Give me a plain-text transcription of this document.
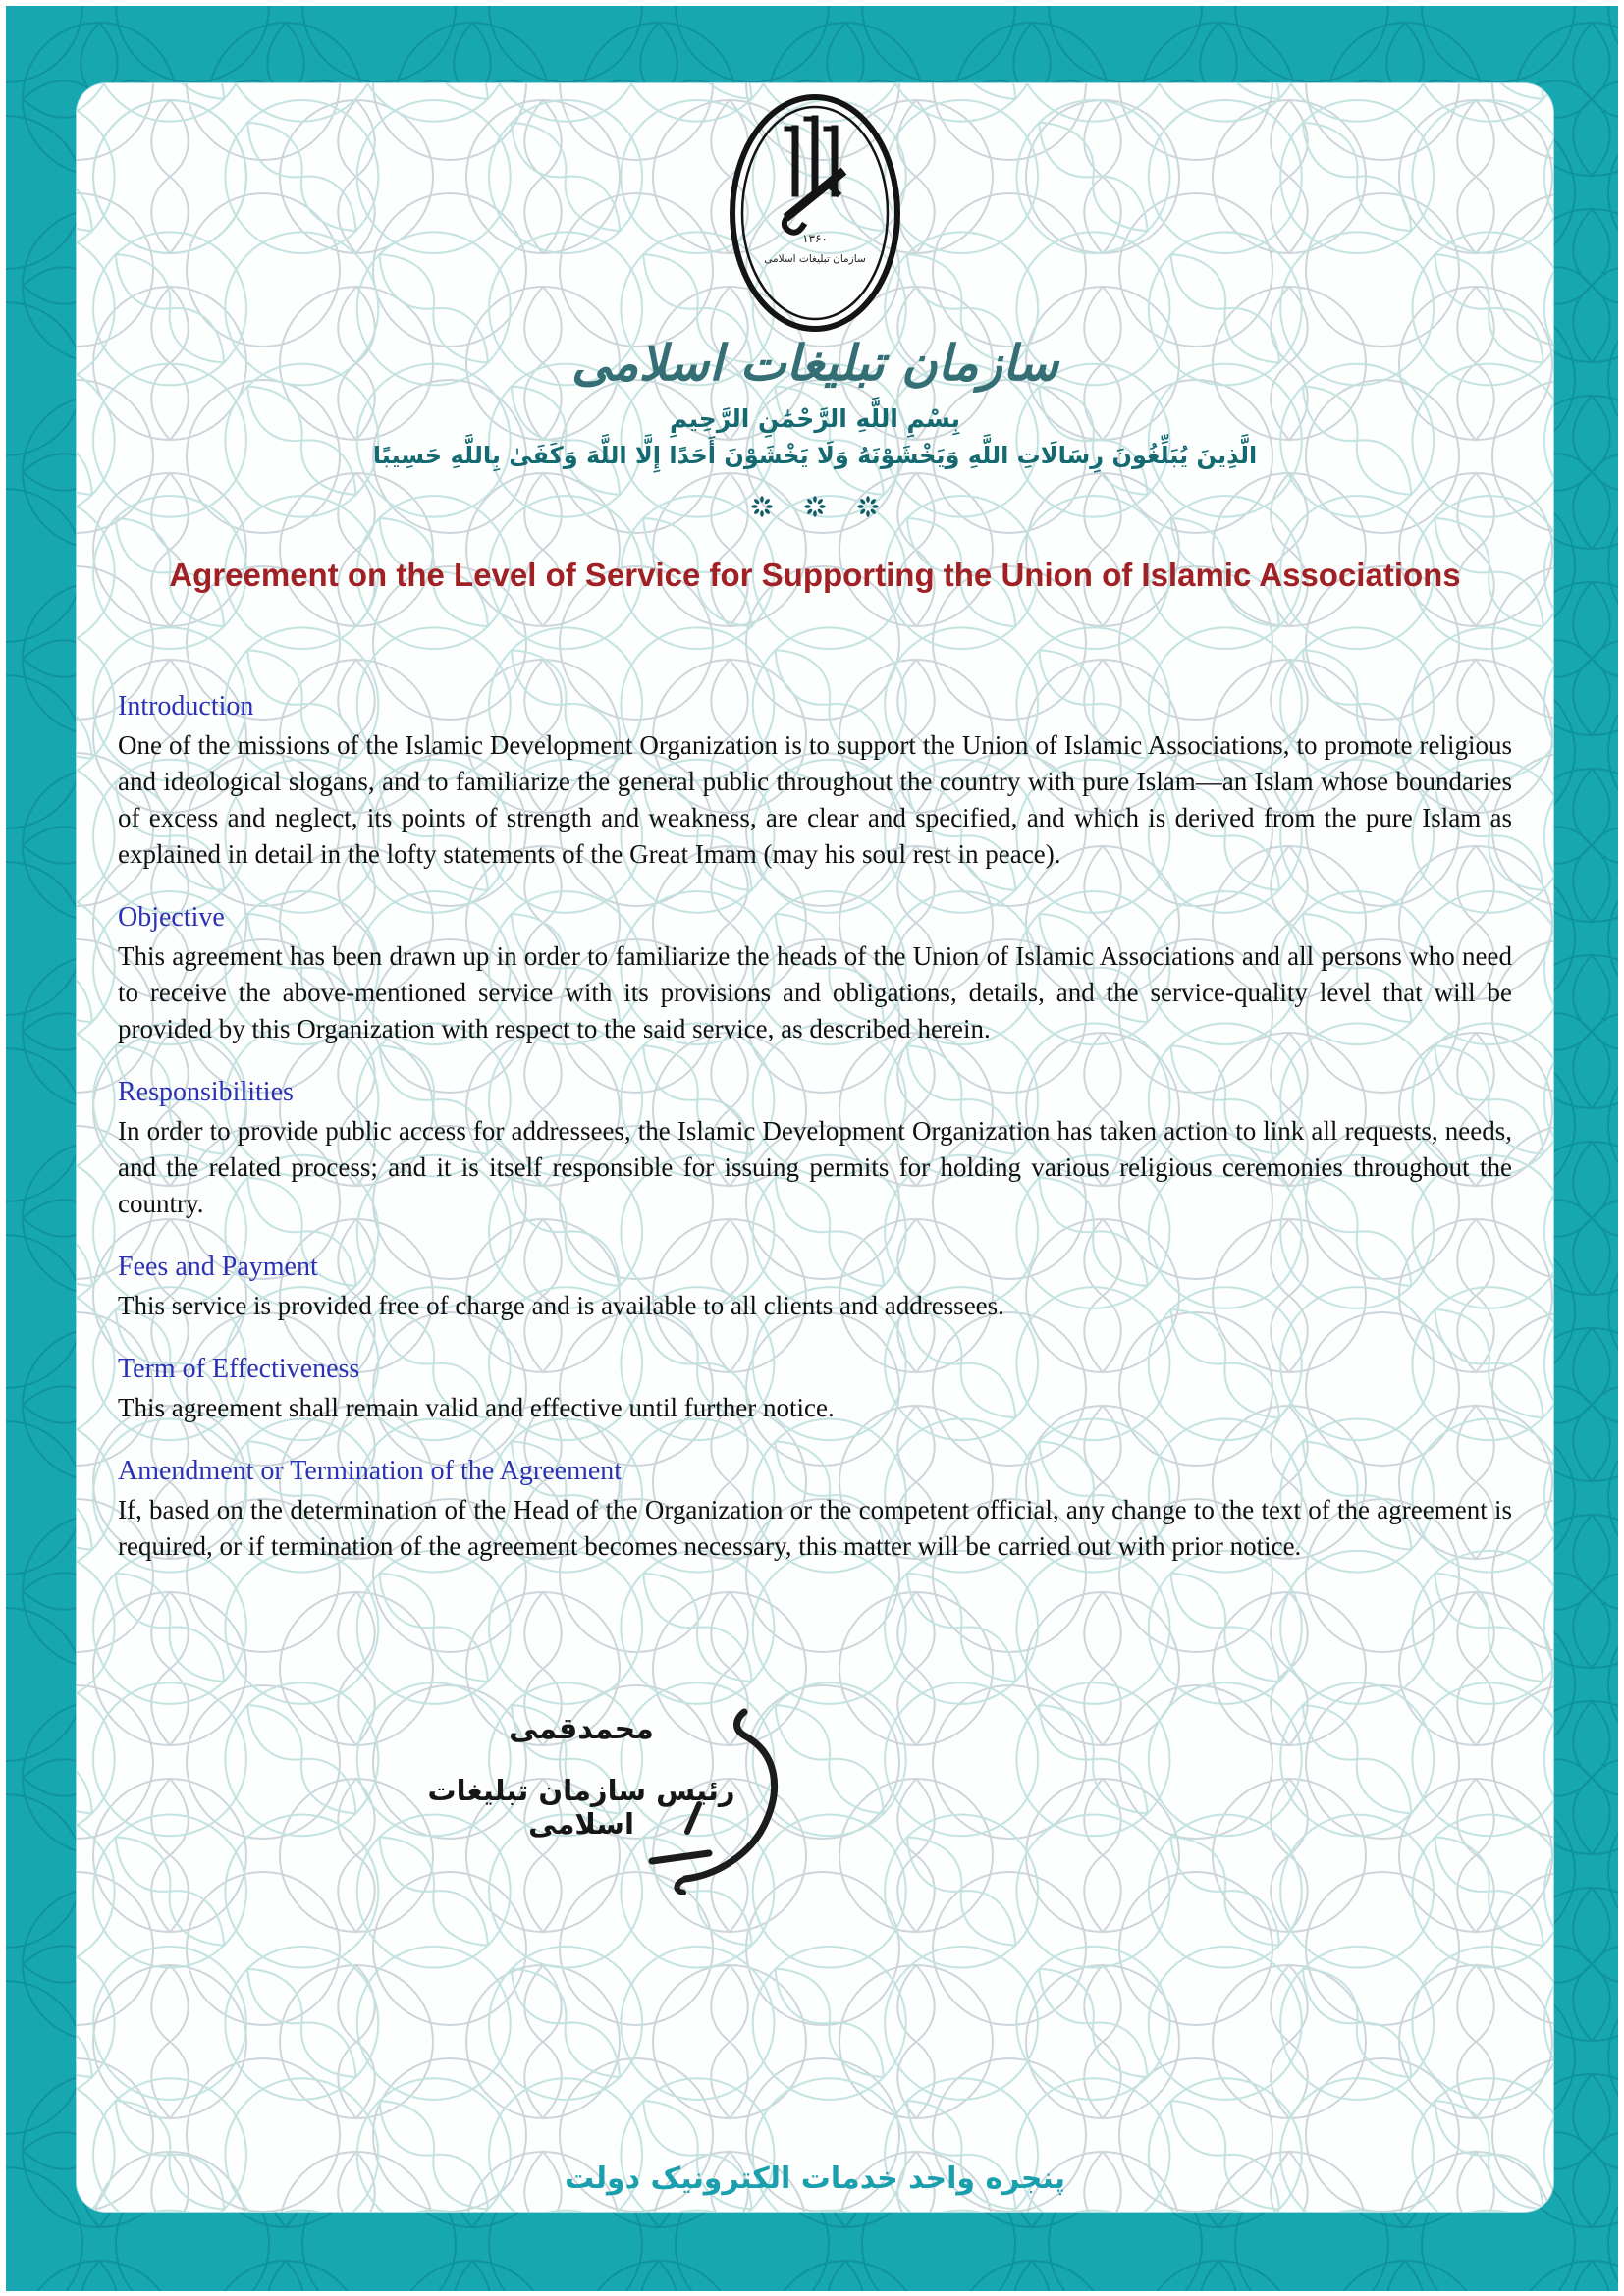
۱۳۶۰
سازمان تبلیغات اسلامی
سازمان تبلیغات اسلامی
بِسْمِ اللَّهِ الرَّحْمَٰنِ الرَّحِيمِ
الَّذِينَ يُبَلِّغُونَ رِسَالَاتِ اللَّهِ وَيَخْشَوْنَهُ وَلَا يَخْشَوْنَ أَحَدًا إِلَّا اللَّهَ وَكَفَىٰ بِاللَّهِ حَسِيبًا

Agreement on the Level of Service for Supporting the Union of Islamic Associations
Introduction

One of the missions of the Islamic Development Organization is to support the Union of Islamic Associations, to promote religious and ideological slogans, and to familiarize the general public throughout the country with pure Islam—an Islam whose boundaries of excess and neglect, its points of strength and weakness, are clear and specified, and which is derived from the pure Islam as explained in detail in the lofty statements of the Great Imam (may his soul rest in peace).

Objective

This agreement has been drawn up in order to familiarize the heads of the Union of Islamic Associations and all persons who need to receive the above-mentioned service with its provisions and obligations, details, and the service-quality level that will be provided by this Organization with respect to the said service, as described herein.

Responsibilities

In order to provide public access for addressees, the Islamic Development Organization has taken action to link all requests, needs, and the related process; and it is itself responsible for issuing permits for holding various religious ceremonies throughout the country.

Fees and Payment

This service is provided free of charge and is available to all clients and addressees.

Term of Effectiveness

This agreement shall remain valid and effective until further notice.

Amendment or Termination of the Agreement

If, based on the determination of the Head of the Organization or the competent official, any change to the text of the agreement is required, or if termination of the agreement becomes necessary, this matter will be carried out with prior notice.

محمدقمی
رئیس سازمان تبلیغات اسلامی
پنجره واحد خدمات الکترونیک دولت
